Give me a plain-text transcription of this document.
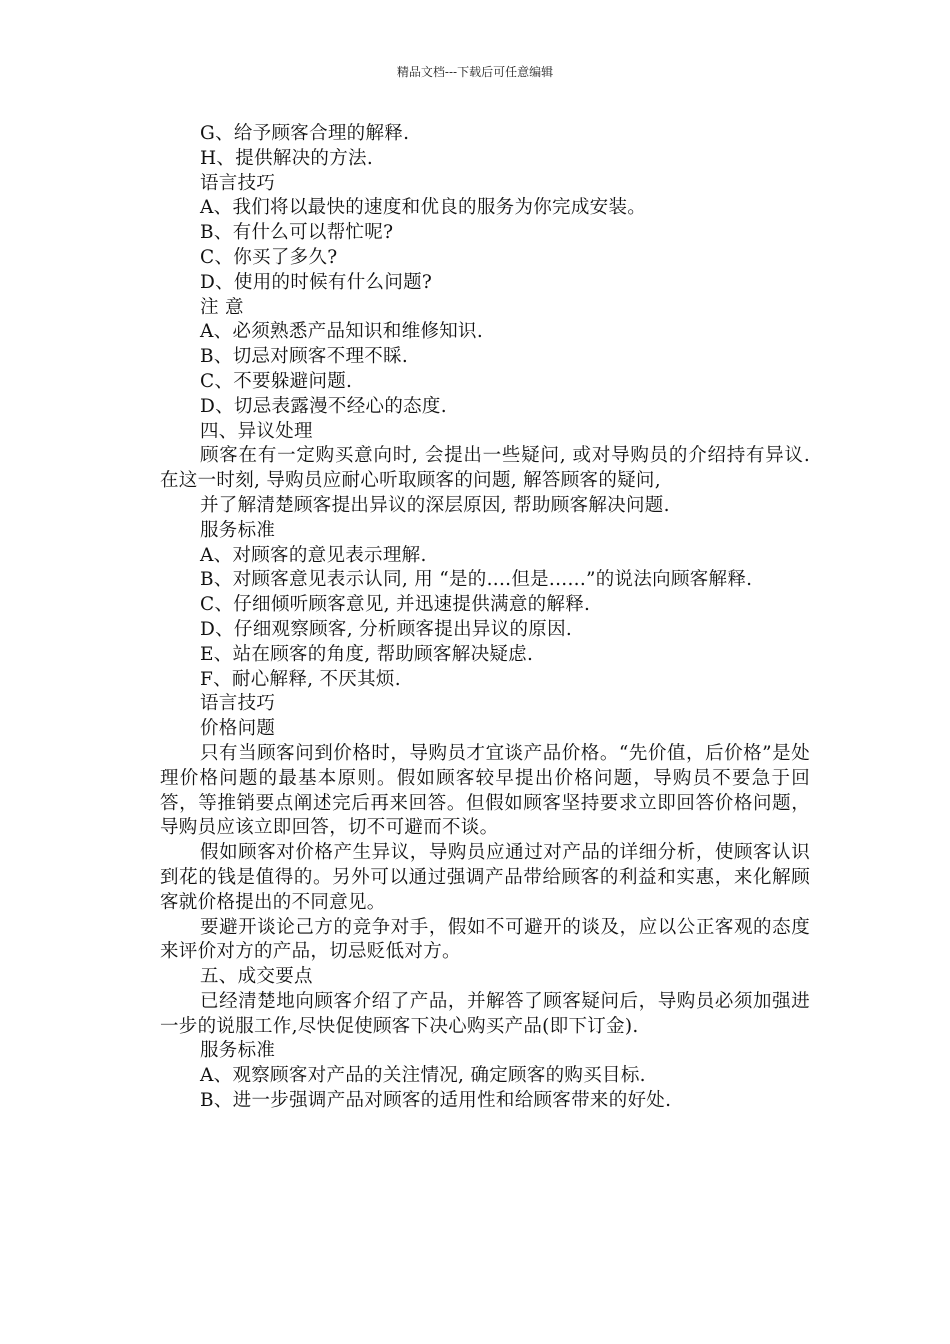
精品文档---下载后可任意编辑

G、给予顾客合理的解释.

H、提供解决的方法.

语言技巧

A、我们将以最快的速度和优良的服务为你完成安装。

B、有什么可以帮忙呢?

C、你买了多久?

D、使用的时候有什么问题?

注 意

A、必须熟悉产品知识和维修知识.

B、切忌对顾客不理不睬.

C、不要躲避问题.

D、切忌表露漫不经心的态度.

四、异议处理

顾客在有一定购买意向时, 会提出一些疑问, 或对导购员的介绍持有异议. 在这一时刻, 导购员应耐心听取顾客的问题, 解答顾客的疑问,

并了解清楚顾客提出异议的深层原因, 帮助顾客解决问题.

服务标准

A、对顾客的意见表示理解.

B、对顾客意见表示认同, 用 “是的....但是......”的说法向顾客解释.

C、仔细倾听顾客意见, 并迅速提供满意的解释.

D、仔细观察顾客, 分析顾客提出异议的原因.

E、站在顾客的角度, 帮助顾客解决疑虑.

F、耐心解释, 不厌其烦.

语言技巧

价格问题

只有当顾客问到价格时，导购员才宜谈产品价格。“先价值，后价格”是处理价格问题的最基本原则。假如顾客较早提出价格问题，导购员不要急于回答，等推销要点阐述完后再来回答。但假如顾客坚持要求立即回答价格问题，导购员应该立即回答，切不可避而不谈。

假如顾客对价格产生异议，导购员应通过对产品的详细分析，使顾客认识到花的钱是值得的。另外可以通过强调产品带给顾客的利益和实惠，来化解顾客就价格提出的不同意见。

要避开谈论己方的竞争对手，假如不可避开的谈及，应以公正客观的态度来评价对方的产品，切忌贬低对方。

五、成交要点

已经清楚地向顾客介绍了产品，并解答了顾客疑问后，导购员必须加强进一步的说服工作,尽快促使顾客下决心购买产品(即下订金).

服务标准

A、观察顾客对产品的关注情况, 确定顾客的购买目标.

B、进一步强调产品对顾客的适用性和给顾客带来的好处.
